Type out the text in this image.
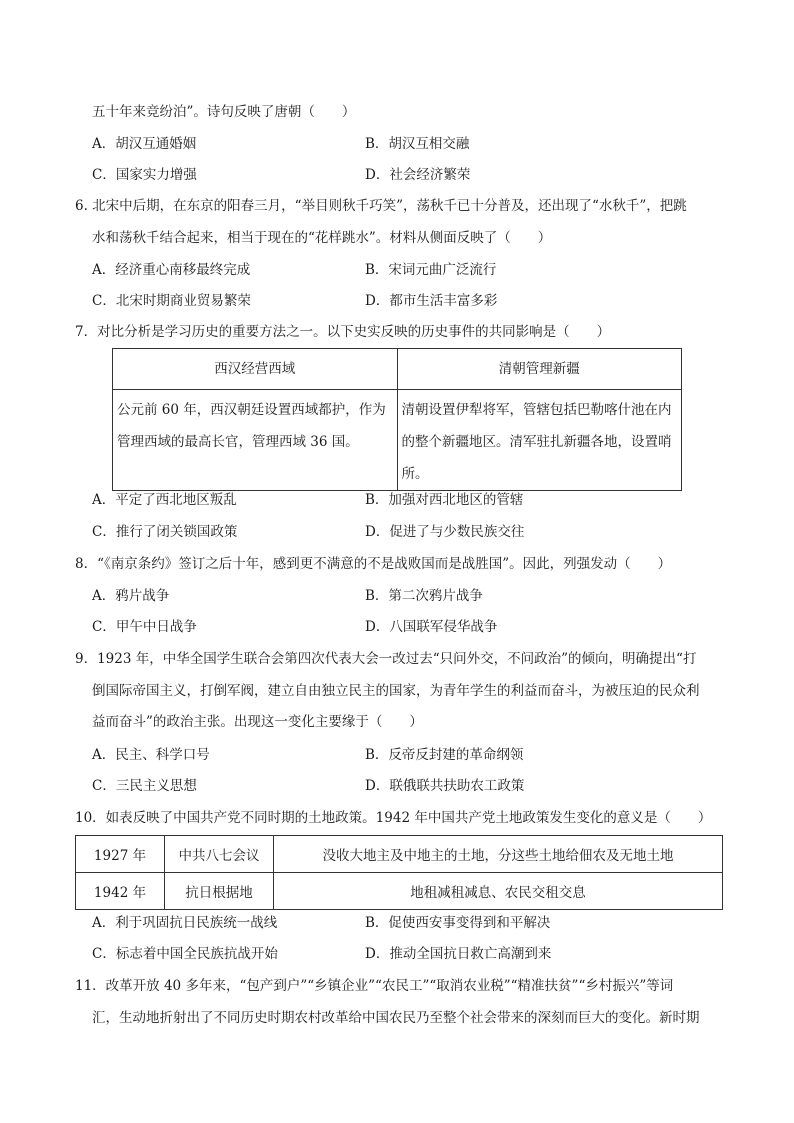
五十年来竞纷泊”。诗句反映了唐朝（　　）
A．胡汉互通婚姻	B．胡汉互相交融
C．国家实力增强	D．社会经济繁荣
6. 北宋中后期，在东京的阳春三月，“举目则秋千巧笑”，荡秋千已十分普及，还出现了“水秋千”，把跳
水和荡秋千结合起来，相当于现在的“花样跳水”。材料从侧面反映了（　　）
A．经济重心南移最终完成	B．宋词元曲广泛流行
C．北宋时期商业贸易繁荣	D．都市生活丰富多彩
7．对比分析是学习历史的重要方法之一。以下史实反映的历史事件的共同影响是（　　）
西汉经营西域	清朝管理新疆
公元前 60 年，西汉朝廷设置西域都护，作为管理西域的最高长官，管理西域 36 国。	清朝设置伊犁将军，管辖包括巴勒喀什池在内的整个新疆地区。清军驻扎新疆各地，设置哨所。
A．平定了西北地区叛乱	B．加强对西北地区的管辖
C．推行了闭关锁国政策	D．促进了与少数民族交往
8．“《南京条约》签订之后十年，感到更不满意的不是战败国而是战胜国”。因此，列强发动（　　）
A．鸦片战争	B．第二次鸦片战争
C．甲午中日战争	D．八国联军侵华战争
9．1923 年，中华全国学生联合会第四次代表大会一改过去“只问外交，不问政治”的倾向，明确提出“打
倒国际帝国主义，打倒军阀，建立自由独立民主的国家，为青年学生的利益而奋斗，为被压迫的民众利
益而奋斗”的政治主张。出现这一变化主要缘于（　　）
A．民主、科学口号	B．反帝反封建的革命纲领
C．三民主义思想	D．联俄联共扶助农工政策
10．如表反映了中国共产党不同时期的土地政策。1942 年中国共产党土地政策发生变化的意义是（　　）
1927 年	中共八七会议	没收大地主及中地主的土地，分这些土地给佃农及无地土地
1942 年	抗日根据地	地租减租减息、农民交租交息
A．利于巩固抗日民族统一战线	B．促使西安事变得到和平解决
C．标志着中国全民族抗战开始	D．推动全国抗日救亡高潮到来
11．改革开放 40 多年来，“包产到户”“乡镇企业”“农民工”“取消农业税”“精准扶贫”“乡村振兴”等词
汇，生动地折射出了不同历史时期农村改革给中国农民乃至整个社会带来的深刻而巨大的变化。新时期
